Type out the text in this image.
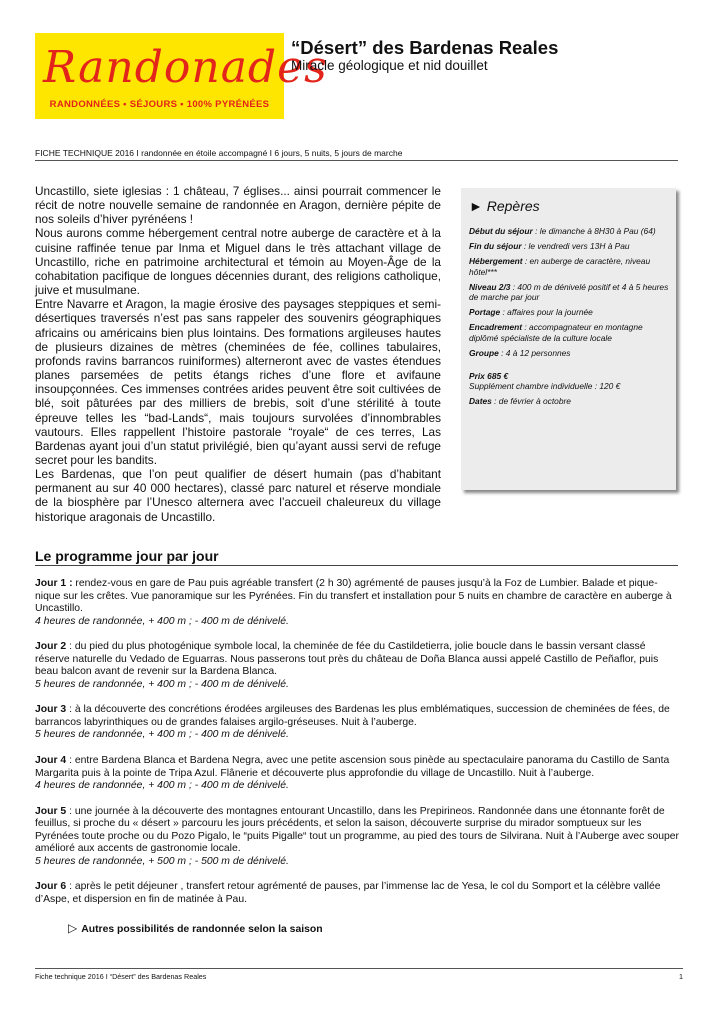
Randonades
RANDONNÉES • SÉJOURS • 100% PYRÉNÉES
“Désert” des Bardenas Reales
Miracle géologique et nid douillet
FICHE TECHNIQUE 2016 I randonnée en étoile accompagné I 6 jours, 5 nuits, 5 jours de marche

Uncastillo, siete iglesias : 1 château, 7 églises... ainsi pourrait commencer le récit de notre nouvelle semaine de randonnée en Aragon, dernière pépite de nos soleils d’hiver pyrénéens !

Nous aurons comme hébergement central notre auberge de caractère et à la cuisine raffinée tenue par Inma et Miguel dans le très attachant village de Uncastillo, riche en patrimoine architectural et témoin au Moyen-Âge de la cohabitation pacifique de longues décennies durant, des religions catholique, juive et musulmane.

Entre Navarre et Aragon, la magie érosive des paysages steppiques et semi-désertiques traversés n’est pas sans rappeler des souvenirs géographiques africains ou américains bien plus lointains. Des formations argileuses hautes de plusieurs dizaines de mètres (cheminées de fée, collines tabulaires, profonds ravins barrancos ruiniformes) alterneront avec de vastes étendues planes parsemées de petits étangs riches d’une flore et avifaune insoupçonnées. Ces immenses contrées arides peuvent être soit cultivées de blé, soit pâturées par des milliers de brebis, soit d’une stérilité à toute épreuve telles les “bad-Lands“, mais toujours survolées d’innombrables vautours. Elles rappellent l’histoire pastorale “royale“ de ces terres, Las Bardenas ayant joui d’un statut privilégié, bien qu’ayant aussi servi de refuge secret pour les bandits.

Les Bardenas, que l’on peut qualifier de désert humain (pas d’habitant permanent au sur 40 000 hectares), classé parc naturel et réserve mondiale de la biosphère par l’Unesco alternera avec l’accueil chaleureux du village historique aragonais de Uncastillo.

► Repères

Début du séjour : le dimanche à 8H30 à Pau (64)

Fin du séjour : le vendredi vers 13H à Pau

Hébergement : en auberge de caractère, niveau hôtel***

Niveau 2/3 : 400 m de dénivelé positif et 4 à 5 heures de marche par jour

Portage : affaires pour la journée

Encadrement : accompagnateur en montagne diplômé spécialiste de la culture locale

Groupe : 4 à 12 personnes

Prix 685 €

Supplément chambre individuelle : 120 €

Dates : de février à octobre

Le programme jour par jour

Jour 1 : rendez-vous en gare de Pau puis agréable transfert (2 h 30) agrémenté de pauses jusqu’à la Foz de Lumbier. Balade et pique-nique sur les crêtes. Vue panoramique sur les Pyrénées. Fin du transfert et installation pour 5 nuits en chambre de caractère en auberge à Uncastillo.
4 heures de randonnée, + 400 m ; - 400 m de dénivelé.

Jour 2 : du pied du plus photogénique symbole local, la cheminée de fée du Castildetierra, jolie boucle dans le bassin versant classé réserve naturelle du Vedado de Eguarras. Nous passerons tout près du château de Doña Blanca aussi appelé Castillo de Peñaflor, puis beau balcon avant de revenir sur la Bardena Blanca.
5 heures de randonnée, + 400 m ; - 400 m de dénivelé.

Jour 3 : à la découverte des concrétions érodées argileuses des Bardenas les plus emblématiques, succession de cheminées de fées, de barrancos labyrinthiques ou de grandes falaises argilo-gréseuses. Nuit à l’auberge.
5 heures de randonnée, + 400 m ; - 400 m de dénivelé.

Jour 4 : entre Bardena Blanca et Bardena Negra, avec une petite ascension sous pinède au spectaculaire panorama du Castillo de Santa Margarita puis à la pointe de Tripa Azul. Flânerie et découverte plus approfondie du village de Uncastillo. Nuit à l’auberge.
4 heures de randonnée, + 400 m ; - 400 m de dénivelé.

Jour 5 : une journée à la découverte des montagnes entourant Uncastillo, dans les Prepirineos. Randonnée dans une étonnante forêt de feuillus, si proche du « désert » parcouru les jours précédents, et selon la saison, découverte surprise du mirador somptueux sur les Pyrénées toute proche ou du Pozo Pigalo, le “puits Pigalle“ tout un programme, au pied des tours de Silvirana. Nuit à l’Auberge avec souper amélioré aux accents de gastronomie locale.
5 heures de randonnée, + 500 m ; - 500 m de dénivelé.

Jour 6 : après le petit déjeuner , transfert retour agrémenté de pauses, par l’immense lac de Yesa, le col du Somport et la célèbre vallée d’Aspe, et dispersion en fin de matinée à Pau.

▷ Autres possibilités de randonnée selon la saison
Fiche technique 2016 I “Désert” des Bardenas Reales	1
